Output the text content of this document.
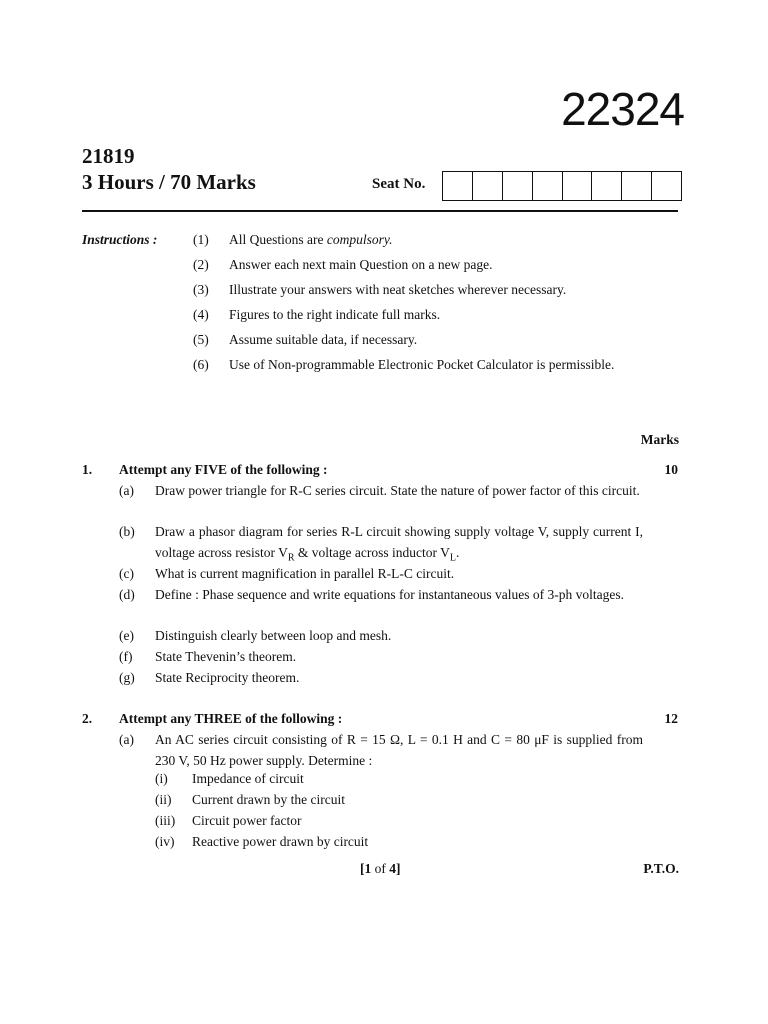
22324
21819
3 Hours / 70 Marks	Seat No.
Instructions :	(1) All Questions are compulsory.
(2) Answer each next main Question on a new page.
(3) Illustrate your answers with neat sketches wherever necessary.
(4) Figures to the right indicate full marks.
(5) Assume suitable data, if necessary.
(6) Use of Non-programmable Electronic Pocket Calculator is permissible.
Marks
1. Attempt any FIVE of the following :	10
(a) Draw power triangle for R-C series circuit. State the nature of power factor of this circuit.
(b) Draw a phasor diagram for series R-L circuit showing supply voltage V, supply current I, voltage across resistor $V_R$ & voltage across inductor $V_L$.
(c) What is current magnification in parallel R-L-C circuit.
(d) Define : Phase sequence and write equations for instantaneous values of 3-ph voltages.
(e) Distinguish clearly between loop and mesh.
(f) State Thevenin’s theorem.
(g) State Reciprocity theorem.
2. Attempt any THREE of the following :	12
(a) An AC series circuit consisting of R = 15 Ω, L = 0.1 H and C = 80 μF is supplied from 230 V, 50 Hz power supply. Determine :
(i) Impedance of circuit
(ii) Current drawn by the circuit
(iii) Circuit power factor
(iv) Reactive power drawn by circuit
[1 of 4]	P.T.O.
